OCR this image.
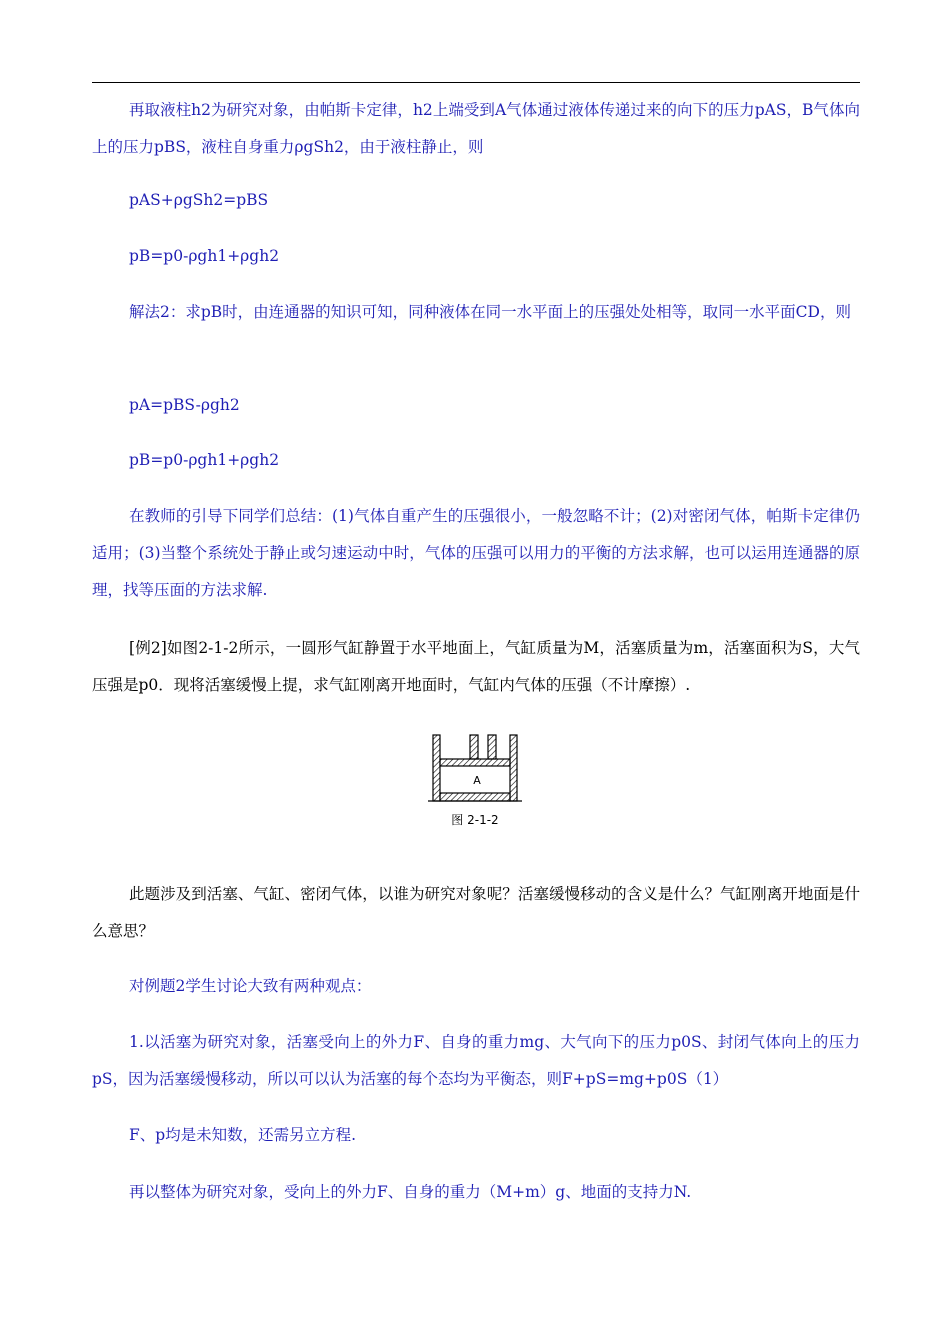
再取液柱h2为研究对象，由帕斯卡定律，h2上端受到A气体通过液体传递过来的向下的压力pAS，B气体向上的压力pBS，液柱自身重力ρgSh2，由于液柱静止，则
pAS+ρgSh2=pBS
pB=p0-ρgh1+ρgh2
解法2：求pB时，由连通器的知识可知，同种液体在同一水平面上的压强处处相等，取同一水平面CD，则
pA=pBS-ρgh2
pB=p0-ρgh1+ρgh2
在教师的引导下同学们总结：(1)气体自重产生的压强很小，一般忽略不计；(2)对密闭气体，帕斯卡定律仍适用；(3)当整个系统处于静止或匀速运动中时，气体的压强可以用力的平衡的方法求解，也可以运用连通器的原理，找等压面的方法求解.
[例2]如图2-1-2所示，一圆形气缸静置于水平地面上，气缸质量为M，活塞质量为m，活塞面积为S，大气压强是p0．现将活塞缓慢上提，求气缸刚离开地面时，气缸内气体的压强（不计摩擦）.
A
图 2-1-2
此题涉及到活塞、气缸、密闭气体，以谁为研究对象呢？活塞缓慢移动的含义是什么？气缸刚离开地面是什么意思？
对例题2学生讨论大致有两种观点：
1.以活塞为研究对象，活塞受向上的外力F、自身的重力mg、大气向下的压力p0S、封闭气体向上的压力pS，因为活塞缓慢移动，所以可以认为活塞的每个态均为平衡态，则F+pS=mg+p0S（1）
F、p均是未知数，还需另立方程.
再以整体为研究对象，受向上的外力F、自身的重力（M+m）g、地面的支持力N.
